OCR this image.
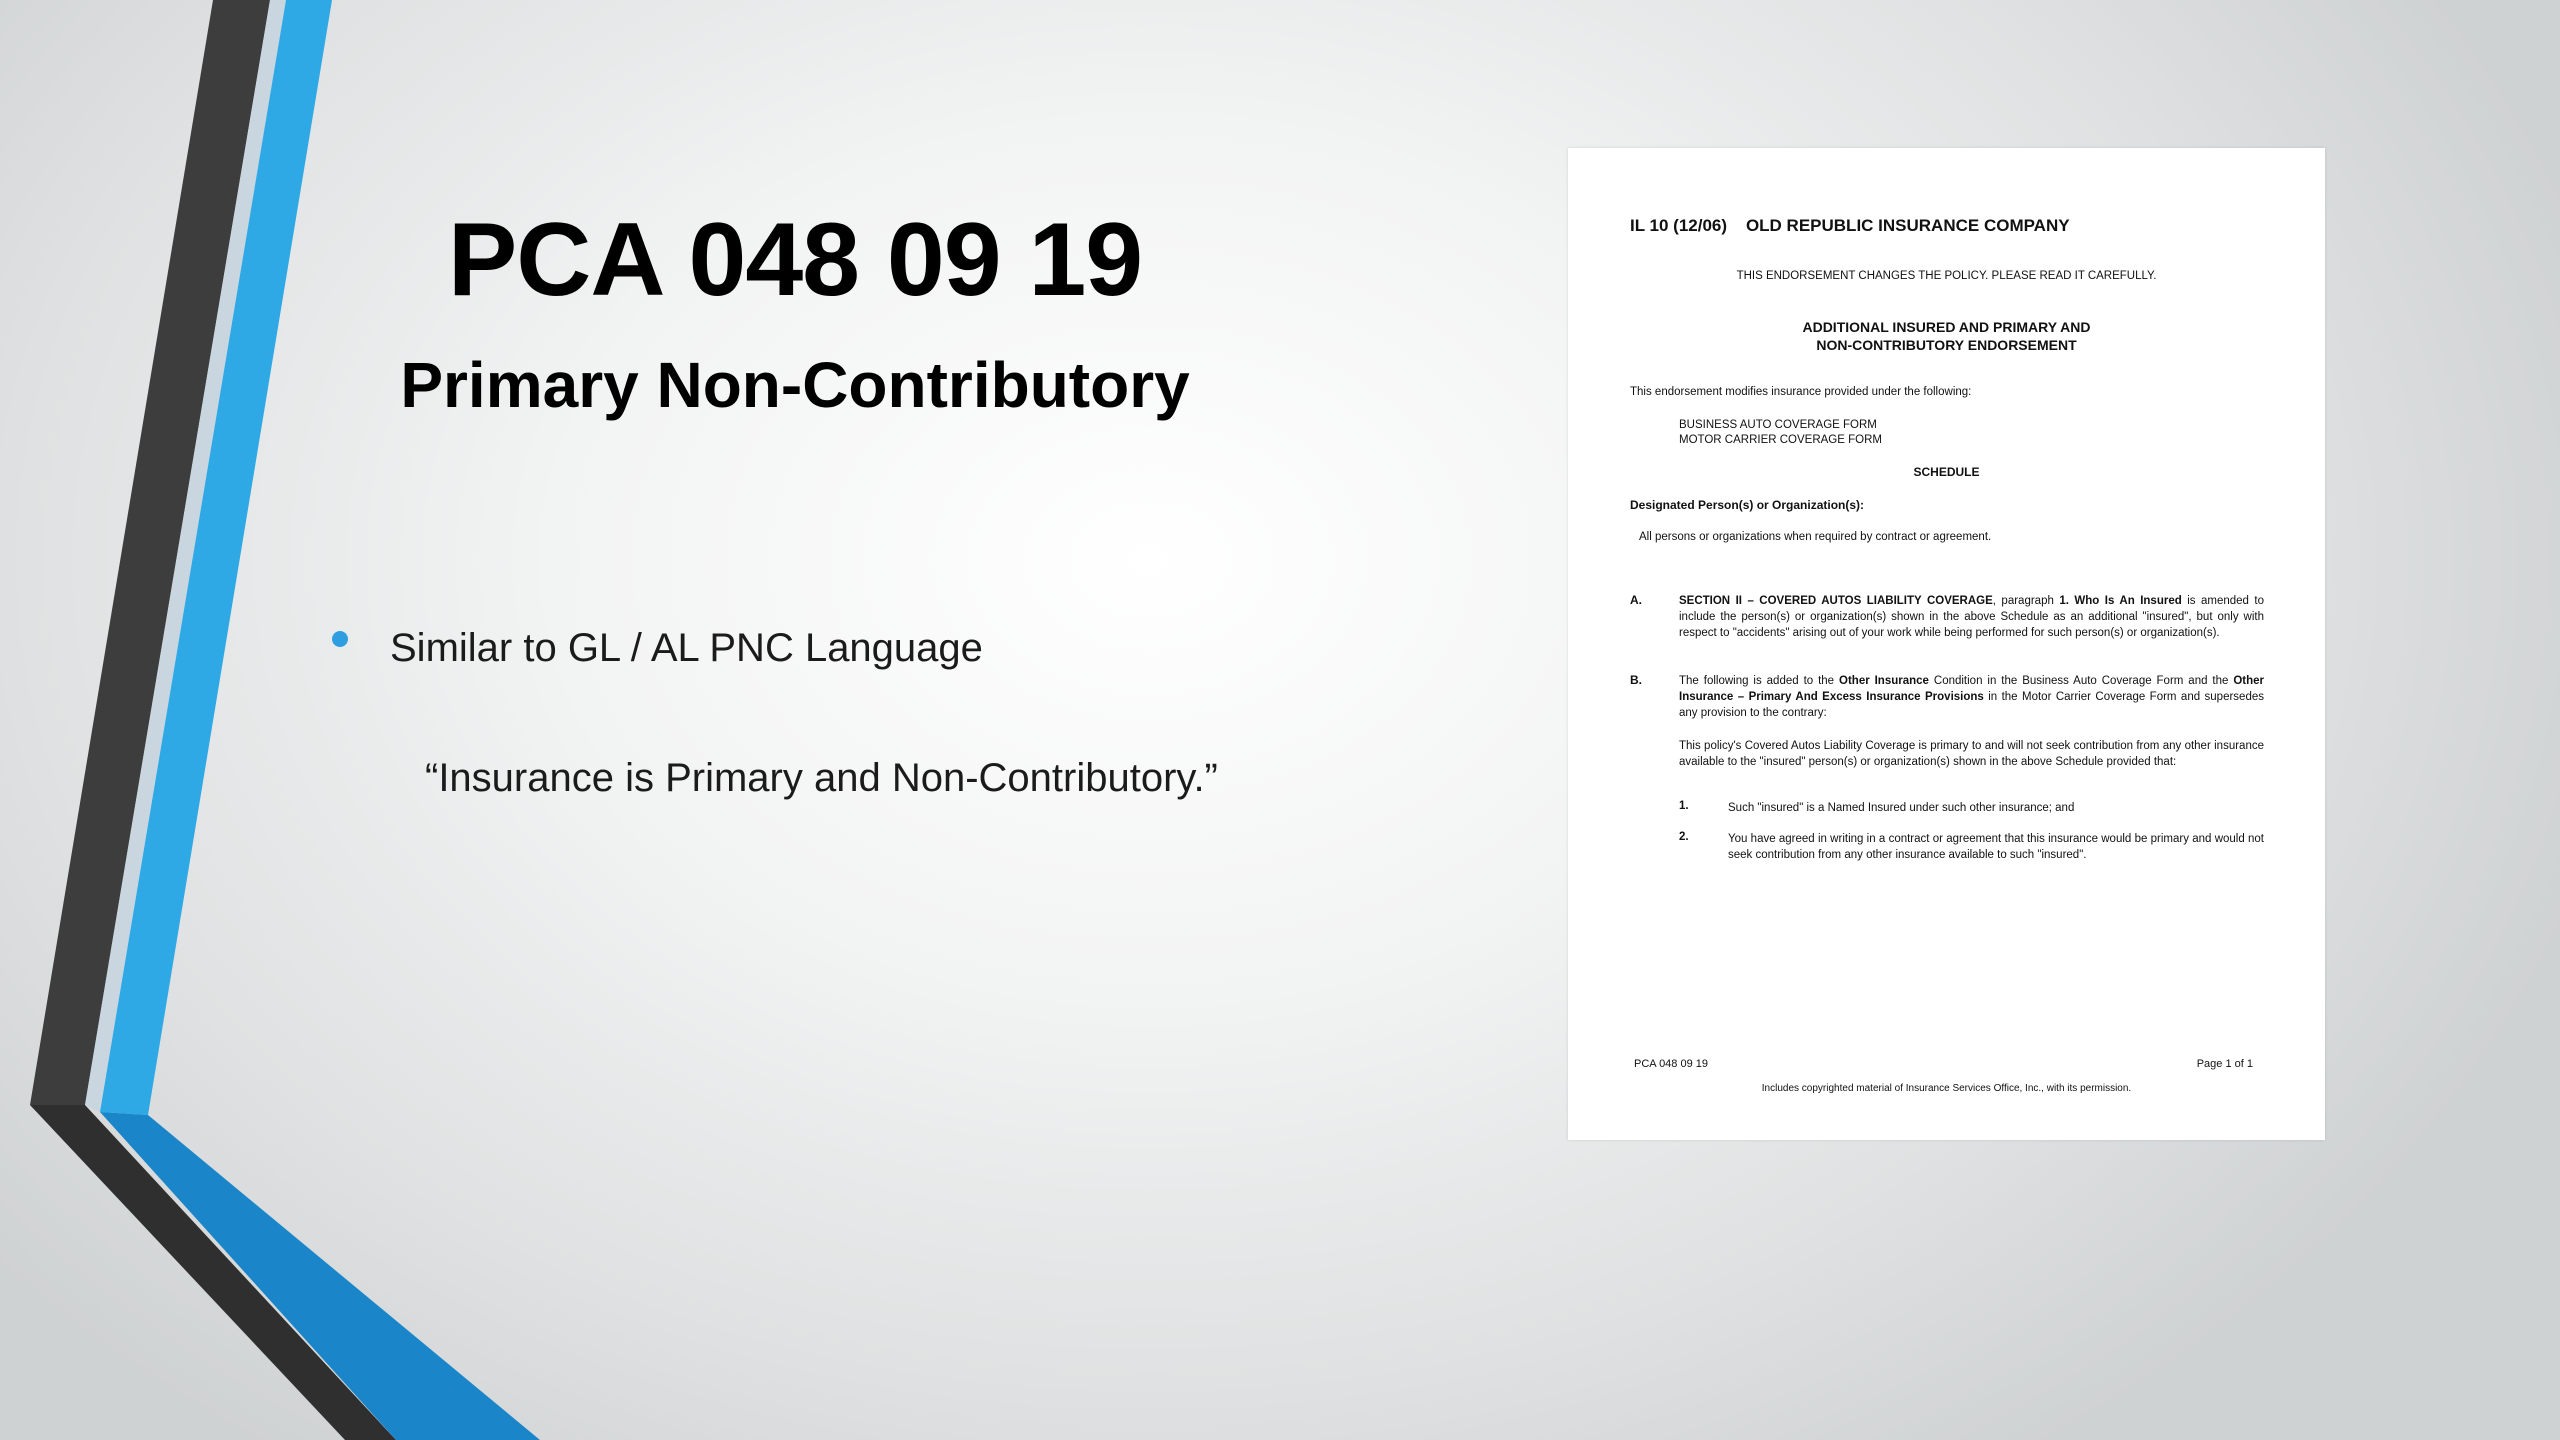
PCA 048 09 19
Primary Non-Contributory
Similar to GL / AL PNC Language
“Insurance is Primary and Non-Contributory.”
IL 10 (12/06) OLD REPUBLIC INSURANCE COMPANY
THIS ENDORSEMENT CHANGES THE POLICY. PLEASE READ IT CAREFULLY.
ADDITIONAL INSURED AND PRIMARY AND
NON-CONTRIBUTORY ENDORSEMENT
This endorsement modifies insurance provided under the following:
BUSINESS AUTO COVERAGE FORM
MOTOR CARRIER COVERAGE FORM
SCHEDULE
Designated Person(s) or Organization(s):
All persons or organizations when required by contract or agreement.
A.	SECTION II – COVERED AUTOS LIABILITY COVERAGE, paragraph 1. Who Is An Insured is amended to include the person(s) or organization(s) shown in the above Schedule as an additional "insured", but only with respect to "accidents" arising out of your work while being performed for such person(s) or organization(s).
B.	The following is added to the Other Insurance Condition in the Business Auto Coverage Form and the Other Insurance – Primary And Excess Insurance Provisions in the Motor Carrier Coverage Form and supersedes any provision to the contrary:
This policy's Covered Autos Liability Coverage is primary to and will not seek contribution from any other insurance available to the "insured" person(s) or organization(s) shown in the above Schedule provided that:
1.	Such "insured" is a Named Insured under such other insurance; and
2.	You have agreed in writing in a contract or agreement that this insurance would be primary and would not seek contribution from any other insurance available to such "insured".
PCA 048 09 19	Page 1 of 1
Includes copyrighted material of Insurance Services Office, Inc., with its permission.
